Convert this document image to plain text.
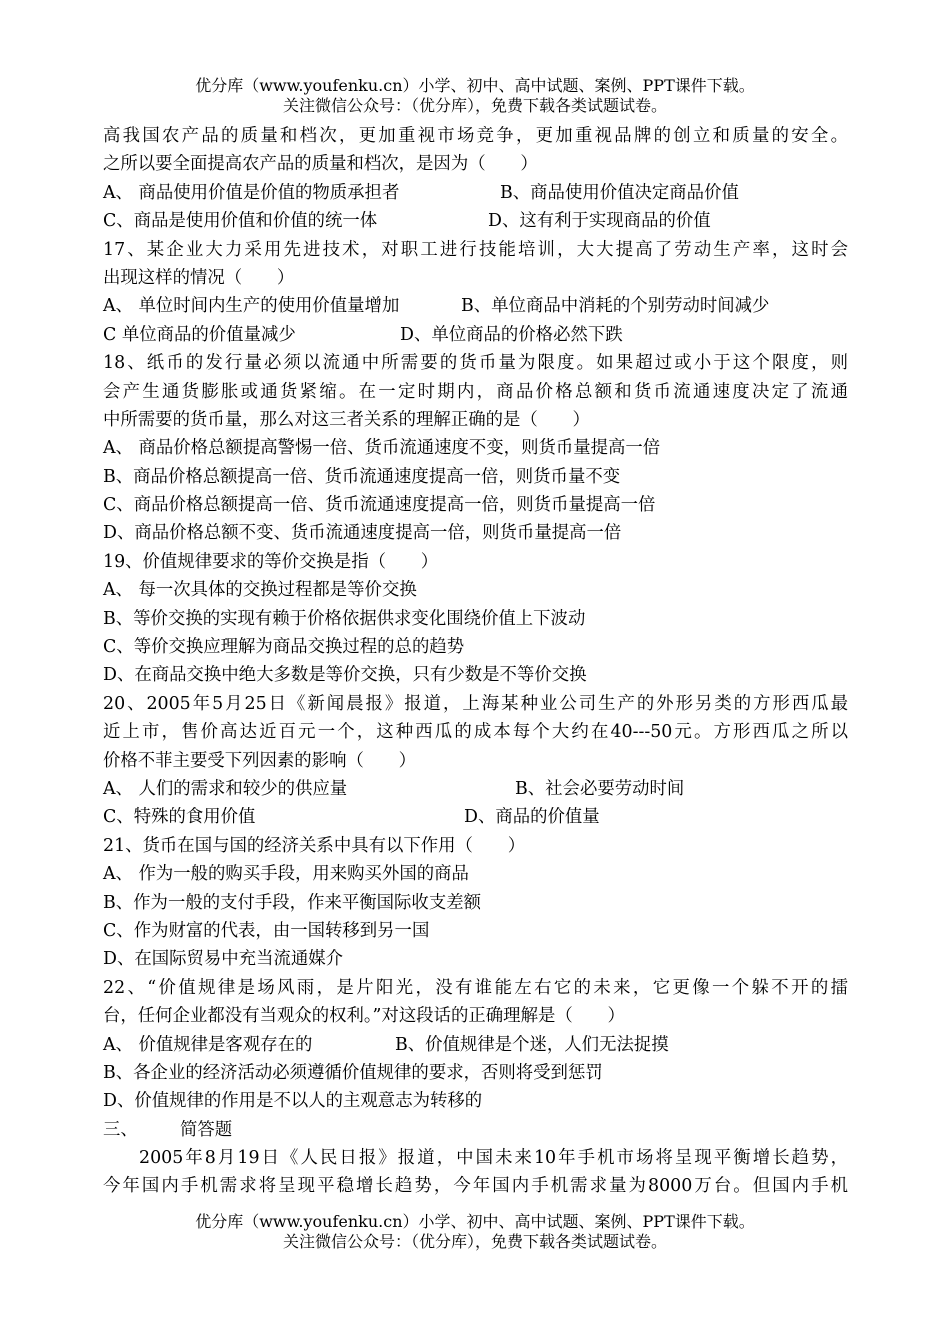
优分库（www.youfenku.cn）小学、初中、高中试题、案例、PPT课件下载。
关注微信公众号：（优分库），免费下载各类试题试卷。
高我国农产品的质量和档次，更加重视市场竞争，更加重视品牌的创立和质量的安全。
之所以要全面提高农产品的质量和档次，是因为（　　）
A、 商品使用价值是价值的物质承担者	B、商品使用价值决定商品价值
C、商品是使用价值和价值的统一体	D、这有利于实现商品的价值
17、某企业大力采用先进技术，对职工进行技能培训，大大提高了劳动生产率，这时会
出现这样的情况（　　）
A、 单位时间内生产的使用价值量增加	B、单位商品中消耗的个别劳动时间减少
C 单位商品的价值量减少	D、单位商品的价格必然下跌
18、纸币的发行量必须以流通中所需要的货币量为限度。如果超过或小于这个限度，则
会产生通货膨胀或通货紧缩。在一定时期内，商品价格总额和货币流通速度决定了流通
中所需要的货币量，那么对这三者关系的理解正确的是（　　）
A、 商品价格总额提高警惕一倍、货币流通速度不变，则货币量提高一倍
B、商品价格总额提高一倍、货币流通速度提高一倍，则货币量不变
C、商品价格总额提高一倍、货币流通速度提高一倍，则货币量提高一倍
D、商品价格总额不变、货币流通速度提高一倍，则货币量提高一倍
19、价值规律要求的等价交换是指（　　）
A、 每一次具体的交换过程都是等价交换
B、等价交换的实现有赖于价格依据供求变化围绕价值上下波动
C、等价交换应理解为商品交换过程的总的趋势
D、在商品交换中绝大多数是等价交换，只有少数是不等价交换
20、2005年5月25日《新闻晨报》报道，上海某种业公司生产的外形另类的方形西瓜最
近上市，售价高达近百元一个，这种西瓜的成本每个大约在40---50元。方形西瓜之所以
价格不菲主要受下列因素的影响（　　）
A、 人们的需求和较少的供应量	B、社会必要劳动时间
C、特殊的食用价值	D、商品的价值量
21、货币在国与国的经济关系中具有以下作用（　　）
A、 作为一般的购买手段，用来购买外国的商品
B、作为一般的支付手段，作来平衡国际收支差额
C、作为财富的代表，由一国转移到另一国
D、在国际贸易中充当流通媒介
22、“价值规律是场风雨，是片阳光，没有谁能左右它的未来，它更像一个躲不开的擂
台，任何企业都没有当观众的权利。”对这段话的正确理解是（　　）
A、 价值规律是客观存在的	B、价值规律是个迷，人们无法捉摸
B、各企业的经济活动必须遵循价值规律的要求，否则将受到惩罚
D、价值规律的作用是不以人的主观意志为转移的
三、 简答题
2005年8月19日《人民日报》报道，中国未来10年手机市场将呈现平衡增长趋势，
今年国内手机需求将呈现平稳增长趋势，今年国内手机需求量为8000万台。但国内手机
优分库（www.youfenku.cn）小学、初中、高中试题、案例、PPT课件下载。
关注微信公众号：（优分库），免费下载各类试题试卷。
